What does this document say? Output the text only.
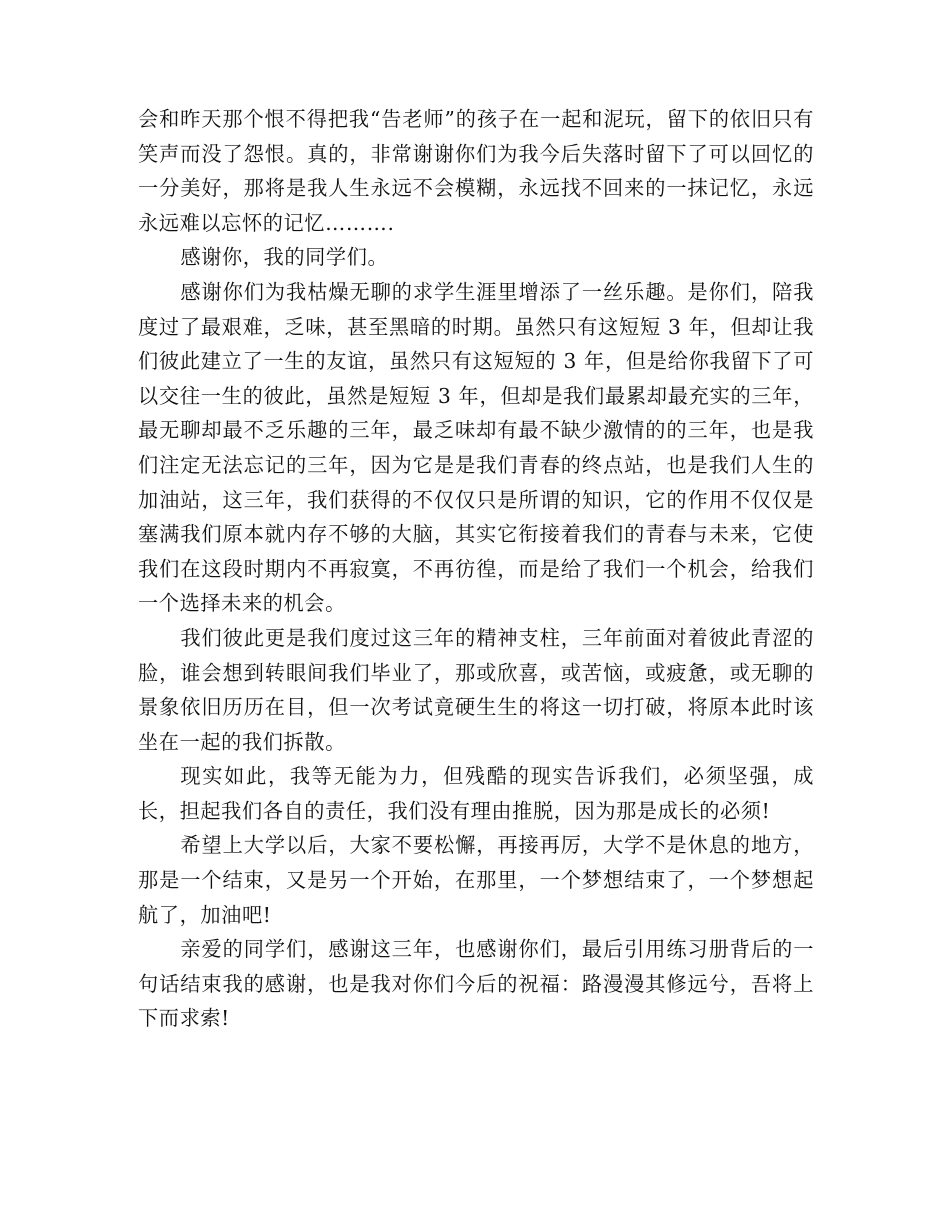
会和昨天那个恨不得把我“告老师”的孩子在一起和泥玩，留下的依旧只有笑声而没了怨恨。真的，非常谢谢你们为我今后失落时留下了可以回忆的一分美好，那将是我人生永远不会模糊，永远找不回来的一抹记忆，永远永远难以忘怀的记忆……….

感谢你，我的同学们。

感谢你们为我枯燥无聊的求学生涯里增添了一丝乐趣。是你们，陪我度过了最艰难，乏味，甚至黑暗的时期。虽然只有这短短 3 年，但却让我们彼此建立了一生的友谊，虽然只有这短短的 3 年，但是给你我留下了可以交往一生的彼此，虽然是短短 3 年，但却是我们最累却最充实的三年，最无聊却最不乏乐趣的三年，最乏味却有最不缺少激情的的三年，也是我们注定无法忘记的三年，因为它是是我们青春的终点站，也是我们人生的加油站，这三年，我们获得的不仅仅只是所谓的知识，它的作用不仅仅是塞满我们原本就内存不够的大脑，其实它衔接着我们的青春与未来，它使我们在这段时期内不再寂寞，不再彷徨，而是给了我们一个机会，给我们一个选择未来的机会。

我们彼此更是我们度过这三年的精神支柱，三年前面对着彼此青涩的脸，谁会想到转眼间我们毕业了，那或欣喜，或苦恼，或疲惫，或无聊的景象依旧历历在目，但一次考试竟硬生生的将这一切打破，将原本此时该坐在一起的我们拆散。

现实如此，我等无能为力，但残酷的现实告诉我们，必须坚强，成长，担起我们各自的责任，我们没有理由推脱，因为那是成长的必须!

希望上大学以后，大家不要松懈，再接再厉，大学不是休息的地方，那是一个结束，又是另一个开始，在那里，一个梦想结束了，一个梦想起航了，加油吧!

亲爱的同学们，感谢这三年，也感谢你们，最后引用练习册背后的一句话结束我的感谢，也是我对你们今后的祝福：路漫漫其修远兮，吾将上下而求索!
